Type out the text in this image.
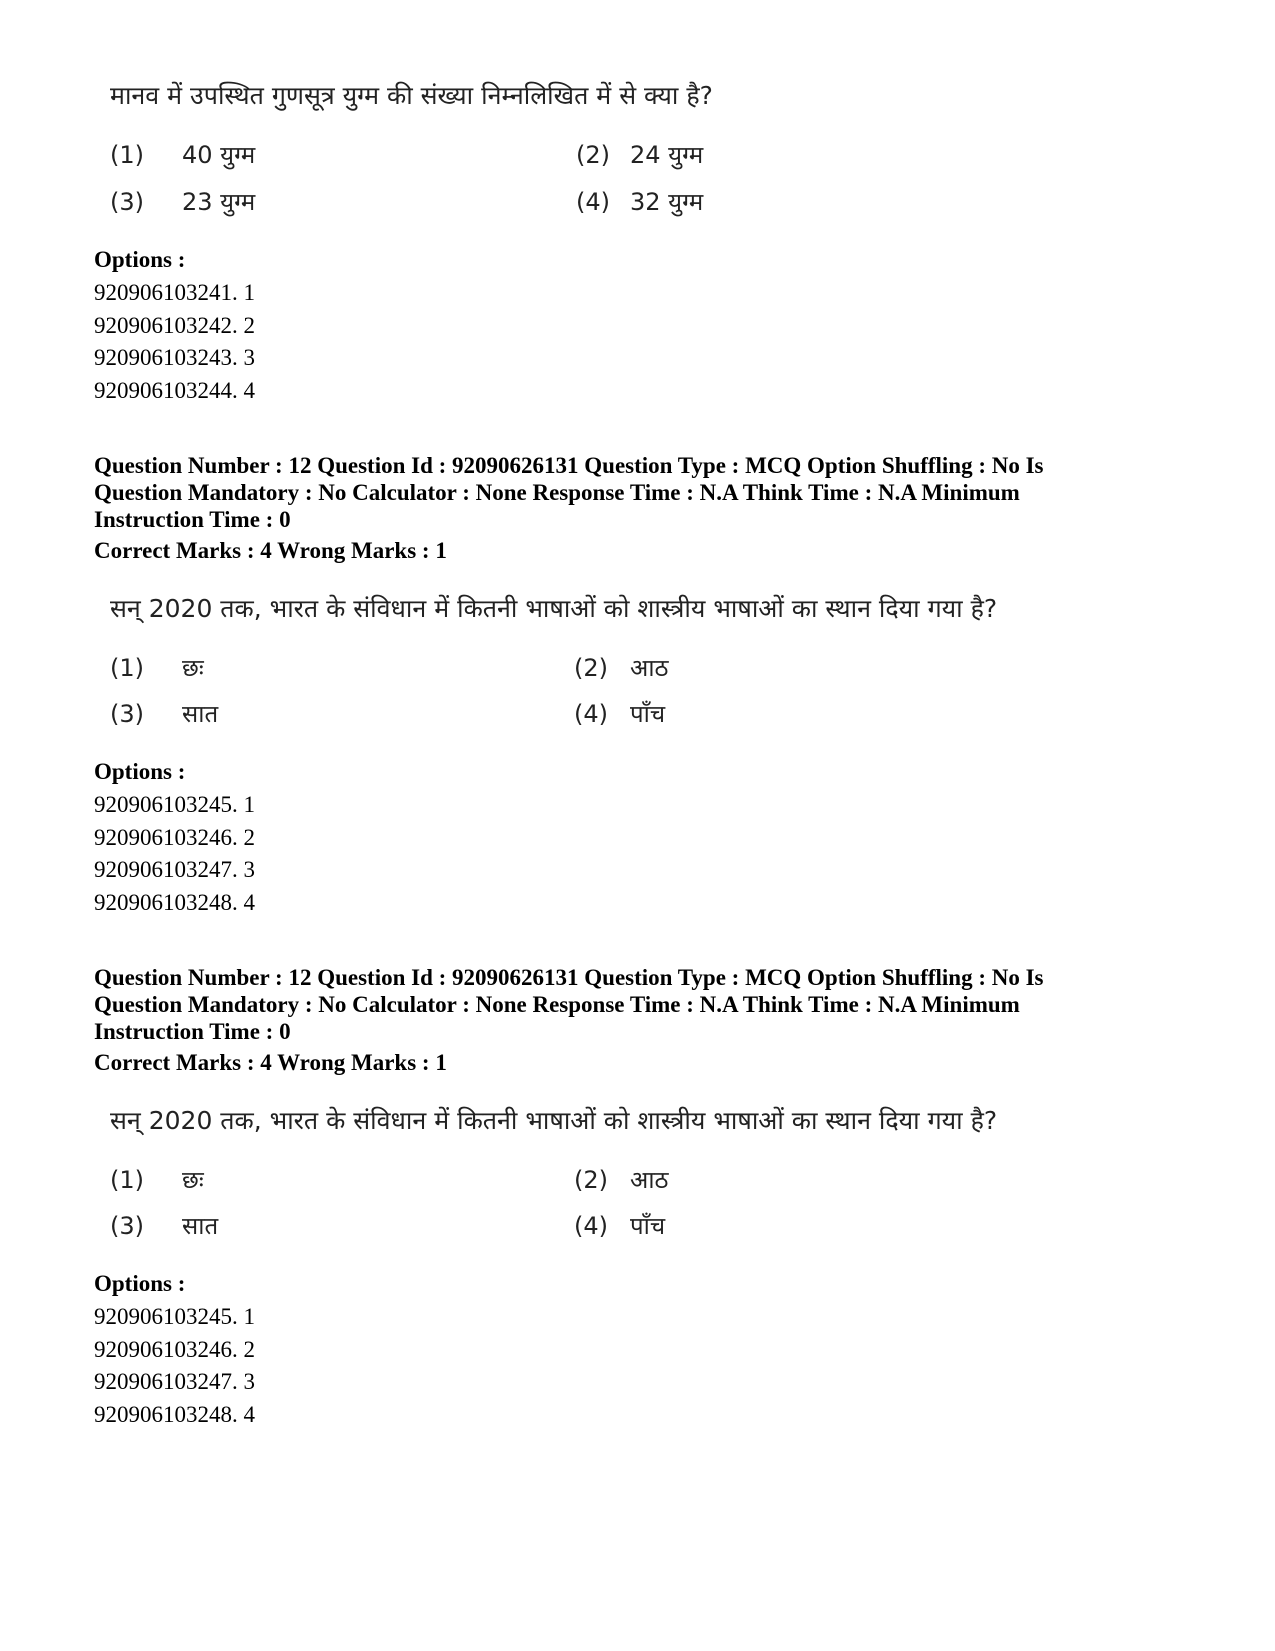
मानव में उपस्थित गुणसूत्र युग्म की संख्या निम्नलिखित में से क्या है?
(1) 40 युग्म	(2) 24 युग्म
(3) 23 युग्म	(4) 32 युग्म
Options :
920906103241. 1
920906103242. 2
920906103243. 3
920906103244. 4
Question Number : 12 Question Id : 92090626131 Question Type : MCQ Option Shuffling : No Is Question Mandatory : No Calculator : None Response Time : N.A Think Time : N.A Minimum Instruction Time : 0
Correct Marks : 4 Wrong Marks : 1
सन् 2020 तक, भारत के संविधान में कितनी भाषाओं को शास्त्रीय भाषाओं का स्थान दिया गया है?
(1) छः	(2) आठ
(3) सात	(4) पाँच
Options :
920906103245. 1
920906103246. 2
920906103247. 3
920906103248. 4
Question Number : 12 Question Id : 92090626131 Question Type : MCQ Option Shuffling : No Is Question Mandatory : No Calculator : None Response Time : N.A Think Time : N.A Minimum Instruction Time : 0
Correct Marks : 4 Wrong Marks : 1
सन् 2020 तक, भारत के संविधान में कितनी भाषाओं को शास्त्रीय भाषाओं का स्थान दिया गया है?
(1) छः	(2) आठ
(3) सात	(4) पाँच
Options :
920906103245. 1
920906103246. 2
920906103247. 3
920906103248. 4
